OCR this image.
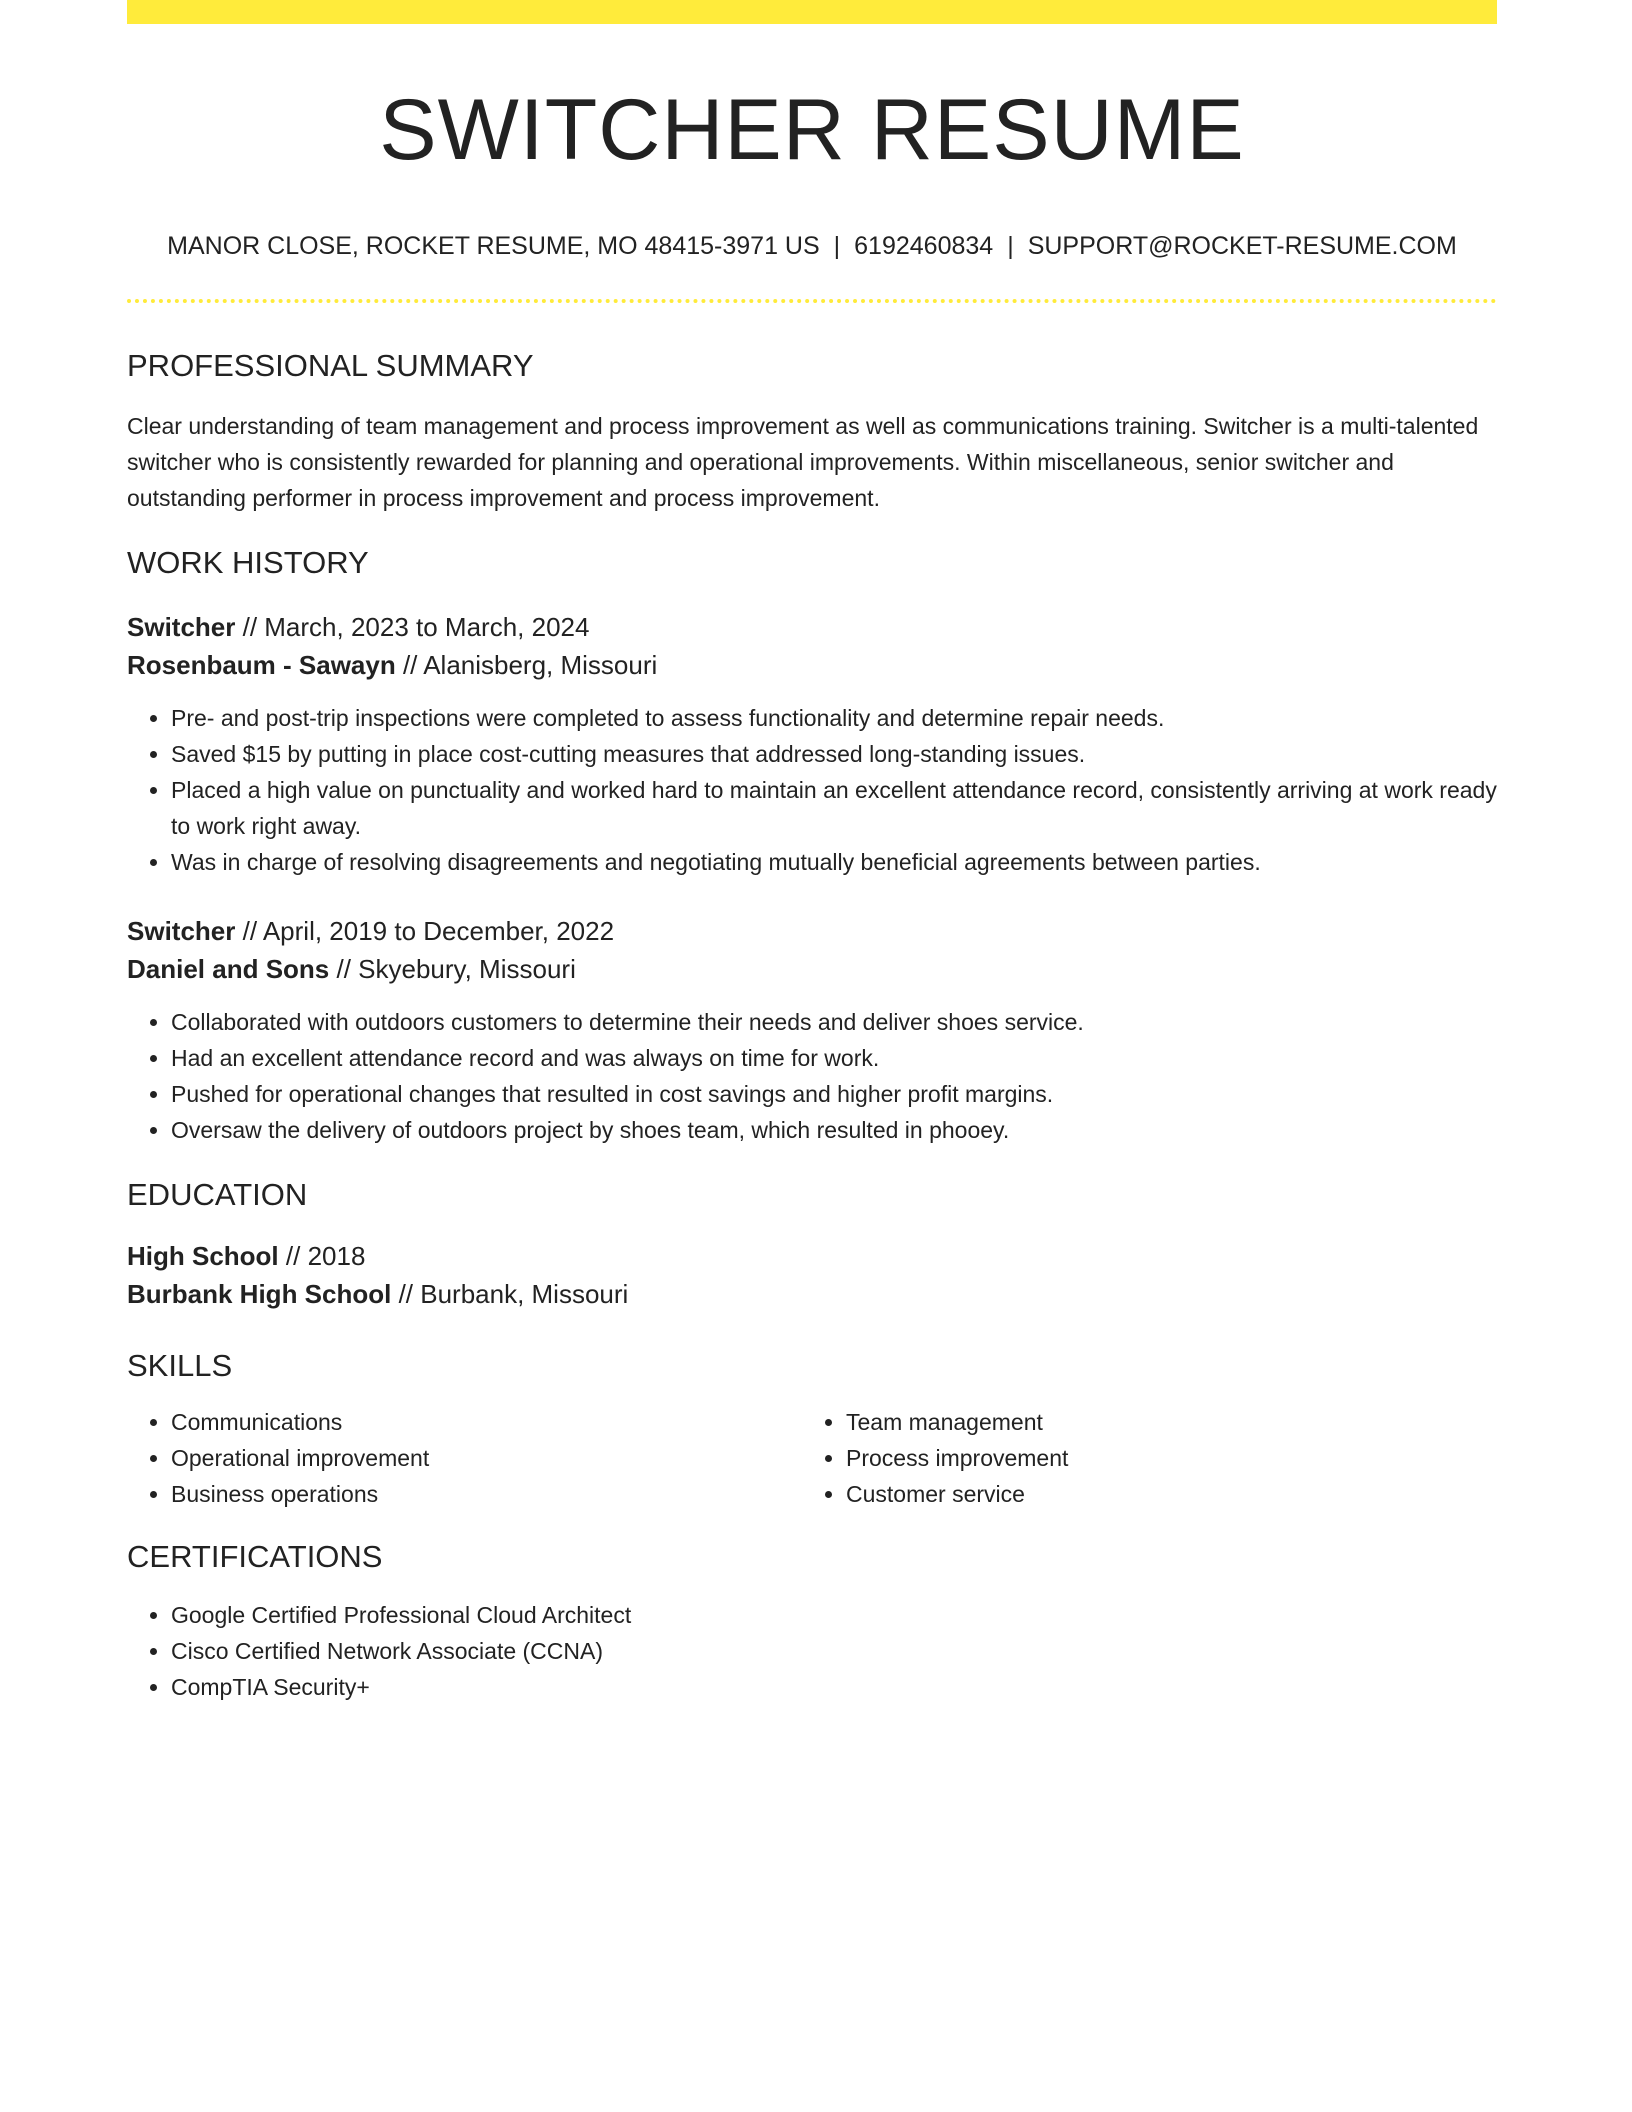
SWITCHER RESUME
MANOR CLOSE, ROCKET RESUME, MO 48415-3971 US | 6192460834 | SUPPORT@ROCKET-RESUME.COM
PROFESSIONAL SUMMARY

Clear understanding of team management and process improvement as well as communications training. Switcher is a multi-talented switcher who is consistently rewarded for planning and operational improvements. Within miscellaneous, senior switcher and outstanding performer in process improvement and process improvement.

WORK HISTORY
Switcher // March, 2023 to March, 2024
Rosenbaum - Sawayn // Alanisberg, Missouri
• Pre- and post-trip inspections were completed to assess functionality and determine repair needs.
• Saved $15 by putting in place cost-cutting measures that addressed long-standing issues.
• Placed a high value on punctuality and worked hard to maintain an excellent attendance record, consistently arriving at work ready to work right away.
• Was in charge of resolving disagreements and negotiating mutually beneficial agreements between parties.
Switcher // April, 2019 to December, 2022
Daniel and Sons // Skyebury, Missouri
• Collaborated with outdoors customers to determine their needs and deliver shoes service.
• Had an excellent attendance record and was always on time for work.
• Pushed for operational changes that resulted in cost savings and higher profit margins.
• Oversaw the delivery of outdoors project by shoes team, which resulted in phooey.
EDUCATION
High School // 2018
Burbank High School // Burbank, Missouri
SKILLS
• Communications
• Operational improvement
• Business operations
• Team management
• Process improvement
• Customer service
CERTIFICATIONS
• Google Certified Professional Cloud Architect
• Cisco Certified Network Associate (CCNA)
• CompTIA Security+
